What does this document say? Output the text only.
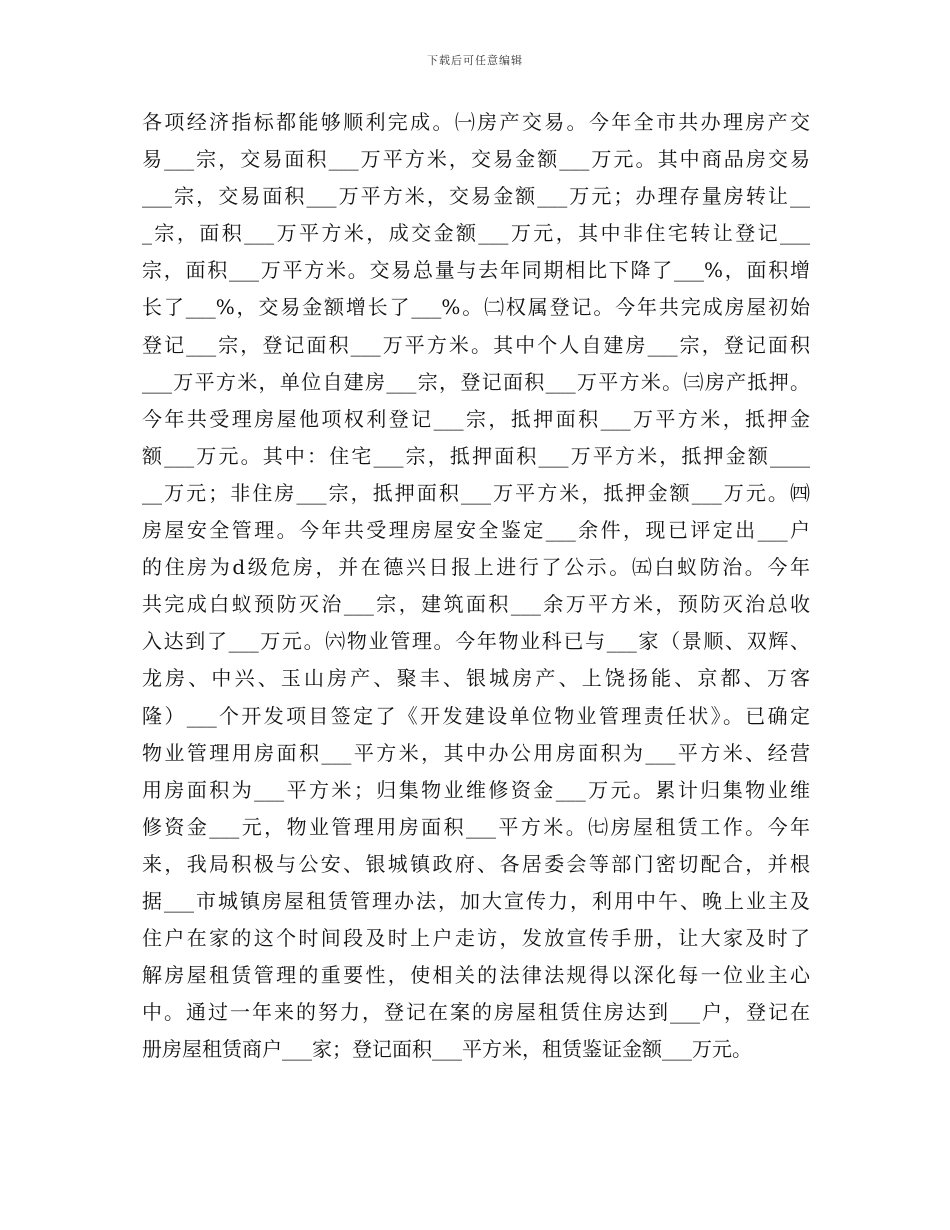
下载后可任意编辑
各项经济指标都能够顺利完成。㈠房产交易。今年全市共办理房产交
易___宗，交易面积___万平方米，交易金额___万元。其中商品房交易
___宗，交易面积___万平方米，交易金额___万元；办理存量房转让__
_宗，面积___万平方米，成交金额___万元，其中非住宅转让登记___
宗，面积___万平方米。交易总量与去年同期相比下降了___%，面积增
长了___%，交易金额增长了___%。㈡权属登记。今年共完成房屋初始
登记___宗，登记面积___万平方米。其中个人自建房___宗，登记面积
___万平方米，单位自建房___宗，登记面积___万平方米。㈢房产抵押。
今年共受理房屋他项权利登记___宗，抵押面积___万平方米，抵押金
额___万元。其中：住宅___宗，抵押面积___万平方米，抵押金额____
__万元；非住房___宗，抵押面积___万平方米，抵押金额___万元。㈣
房屋安全管理。今年共受理房屋安全鉴定___余件，现已评定出___户
的住房为d级危房，并在德兴日报上进行了公示。㈤白蚁防治。今年
共完成白蚁预防灭治___宗，建筑面积___余万平方米，预防灭治总收
入达到了___万元。㈥物业管理。今年物业科已与___家（景顺、双辉、
龙房、中兴、玉山房产、聚丰、银城房产、上饶扬能、京都、万客
隆）___个开发项目签定了《开发建设单位物业管理责任状》。已确定
物业管理用房面积___平方米，其中办公用房面积为___平方米、经营
用房面积为___平方米；归集物业维修资金___万元。累计归集物业维
修资金___元，物业管理用房面积___平方米。㈦房屋租赁工作。今年
来，我局积极与公安、银城镇政府、各居委会等部门密切配合，并根
据___市城镇房屋租赁管理办法，加大宣传力，利用中午、晚上业主及
住户在家的这个时间段及时上户走访，发放宣传手册，让大家及时了
解房屋租赁管理的重要性，使相关的法律法规得以深化每一位业主心
中。通过一年来的努力，登记在案的房屋租赁住房达到___户，登记在
册房屋租赁商户___家；登记面积___平方米，租赁鉴证金额___万元。
